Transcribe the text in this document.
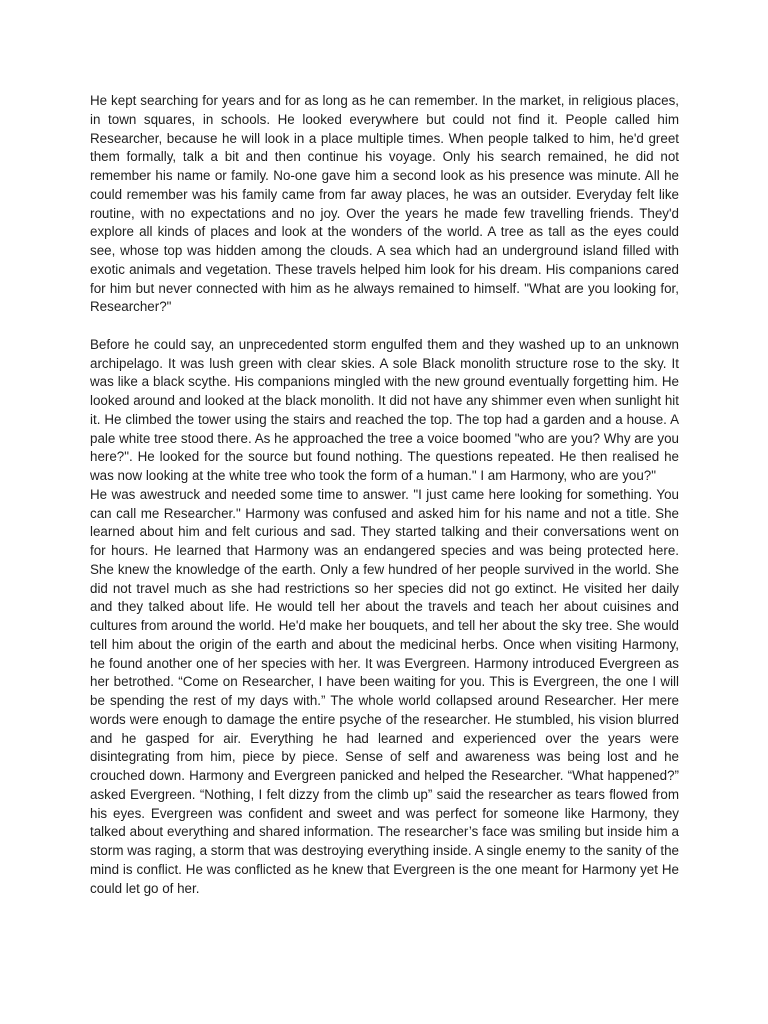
He kept searching for years and for as long as he can remember. In the market, in religious places, in town squares, in schools. He looked everywhere but could not find it. People called him Researcher, because he will look in a place multiple times. When people talked to him, he'd greet them formally, talk a bit and then continue his voyage. Only his search remained, he did not remember his name or family. No-one gave him a second look as his presence was minute. All he could remember was his family came from far away places, he was an outsider. Everyday felt like routine, with no expectations and no joy. Over the years he made few travelling friends. They'd explore all kinds of places and look at the wonders of the world. A tree as tall as the eyes could see, whose top was hidden among the clouds. A sea which had an underground island filled with exotic animals and vegetation. These travels helped him look for his dream. His companions cared for him but never connected with him as he always remained to himself. "What are you looking for, Researcher?"

Before he could say, an unprecedented storm engulfed them and they washed up to an unknown archipelago. It was lush green with clear skies. A sole Black monolith structure rose to the sky. It was like a black scythe. His companions mingled with the new ground eventually forgetting him. He looked around and looked at the black monolith. It did not have any shimmer even when sunlight hit it. He climbed the tower using the stairs and reached the top. The top had a garden and a house. A pale white tree stood there. As he approached the tree a voice boomed "who are you? Why are you here?". He looked for the source but found nothing. The questions repeated. He then realised he was now looking at the white tree who took the form of a human." I am Harmony, who are you?"

He was awestruck and needed some time to answer. "I just came here looking for something. You can call me Researcher." Harmony was confused and asked him for his name and not a title. She learned about him and felt curious and sad. They started talking and their conversations went on for hours. He learned that Harmony was an endangered species and was being protected here. She knew the knowledge of the earth. Only a few hundred of her people survived in the world. She did not travel much as she had restrictions so her species did not go extinct. He visited her daily and they talked about life. He would tell her about the travels and teach her about cuisines and cultures from around the world. He'd make her bouquets, and tell her about the sky tree. She would tell him about the origin of the earth and about the medicinal herbs. Once when visiting Harmony, he found another one of her species with her. It was Evergreen. Harmony introduced Evergreen as her betrothed. “Come on Researcher, I have been waiting for you. This is Evergreen, the one I will be spending the rest of my days with.” The whole world collapsed around Researcher. Her mere words were enough to damage the entire psyche of the researcher. He stumbled, his vision blurred and he gasped for air. Everything he had learned and experienced over the years were disintegrating from him, piece by piece. Sense of self and awareness was being lost and he crouched down. Harmony and Evergreen panicked and helped the Researcher. “What happened?” asked Evergreen. “Nothing, I felt dizzy from the climb up” said the researcher as tears flowed from his eyes. Evergreen was confident and sweet and was perfect for someone like Harmony, they talked about everything and shared information. The researcher’s face was smiling but inside him a storm was raging, a storm that was destroying everything inside. A single enemy to the sanity of the mind is conflict. He was conflicted as he knew that Evergreen is the one meant for Harmony yet He could let go of her.
